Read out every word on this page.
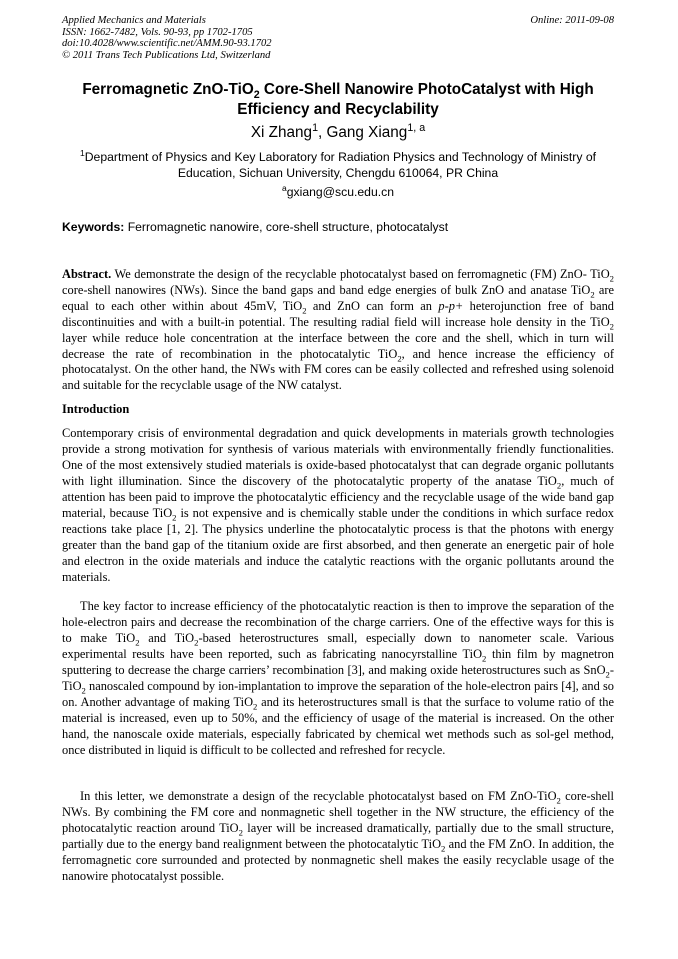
Applied Mechanics and Materials
ISSN: 1662-7482, Vols. 90-93, pp 1702-1705
doi:10.4028/www.scientific.net/AMM.90-93.1702
© 2011 Trans Tech Publications Ltd, Switzerland
Online: 2011-09-08
Ferromagnetic ZnO-TiO$_2$ Core-Shell Nanowire PhotoCatalyst with High Efficiency and Recyclability
Xi Zhang$^1$, Gang Xiang$^{1, a}$
$^1$Department of Physics and Key Laboratory for Radiation Physics and Technology of Ministry of Education, Sichuan University, Chengdu 610064, PR China
$^a$gxiang@scu.edu.cn
Keywords: Ferromagnetic nanowire, core-shell structure, photocatalyst
Abstract. We demonstrate the design of the recyclable photocatalyst based on ferromagnetic (FM) ZnO- TiO$_2$ core-shell nanowires (NWs). Since the band gaps and band edge energies of bulk ZnO and anatase TiO$_2$ are equal to each other within about 45mV, TiO$_2$ and ZnO can form an p-p+ heterojunction free of band discontinuities and with a built-in potential. The resulting radial field will increase hole density in the TiO$_2$ layer while reduce hole concentration at the interface between the core and the shell, which in turn will decrease the rate of recombination in the photocatalytic TiO$_2$, and hence increase the efficiency of photocatalyst. On the other hand, the NWs with FM cores can be easily collected and refreshed using solenoid and suitable for the recyclable usage of the NW catalyst.
Introduction
Contemporary crisis of environmental degradation and quick developments in materials growth technologies provide a strong motivation for synthesis of various materials with environmentally friendly functionalities. One of the most extensively studied materials is oxide-based photocatalyst that can degrade organic pollutants with light illumination. Since the discovery of the photocatalytic property of the anatase TiO$_2$, much of attention has been paid to improve the photocatalytic efficiency and the recyclable usage of the wide band gap material, because TiO$_2$ is not expensive and is chemically stable under the conditions in which surface redox reactions take place [1, 2]. The physics underline the photocatalytic process is that the photons with energy greater than the band gap of the titanium oxide are first absorbed, and then generate an energetic pair of hole and electron in the oxide materials and induce the catalytic reactions with the organic pollutants around the materials.
The key factor to increase efficiency of the photocatalytic reaction is then to improve the separation of the hole-electron pairs and decrease the recombination of the charge carriers. One of the effective ways for this is to make TiO$_2$ and TiO$_2$-based heterostructures small, especially down to nanometer scale. Various experimental results have been reported, such as fabricating nanocyrstalline TiO$_2$ thin film by magnetron sputtering to decrease the charge carriers’ recombination [3], and making oxide heterostructures such as SnO$_2$-TiO$_2$ nanoscaled compound by ion-implantation to improve the separation of the hole-electron pairs [4], and so on. Another advantage of making TiO$_2$ and its heterostructures small is that the surface to volume ratio of the material is increased, even up to 50%, and the efficiency of usage of the material is increased. On the other hand, the nanoscale oxide materials, especially fabricated by chemical wet methods such as sol-gel method, once distributed in liquid is difficult to be collected and refreshed for recycle.
In this letter, we demonstrate a design of the recyclable photocatalyst based on FM ZnO-TiO$_2$ core-shell NWs. By combining the FM core and nonmagnetic shell together in the NW structure, the efficiency of the photocatalytic reaction around TiO$_2$ layer will be increased dramatically, partially due to the small structure, partially due to the energy band realignment between the photocatalytic TiO$_2$ and the FM ZnO. In addition, the ferromagnetic core surrounded and protected by nonmagnetic shell makes the easily recyclable usage of the nanowire photocatalyst possible.
